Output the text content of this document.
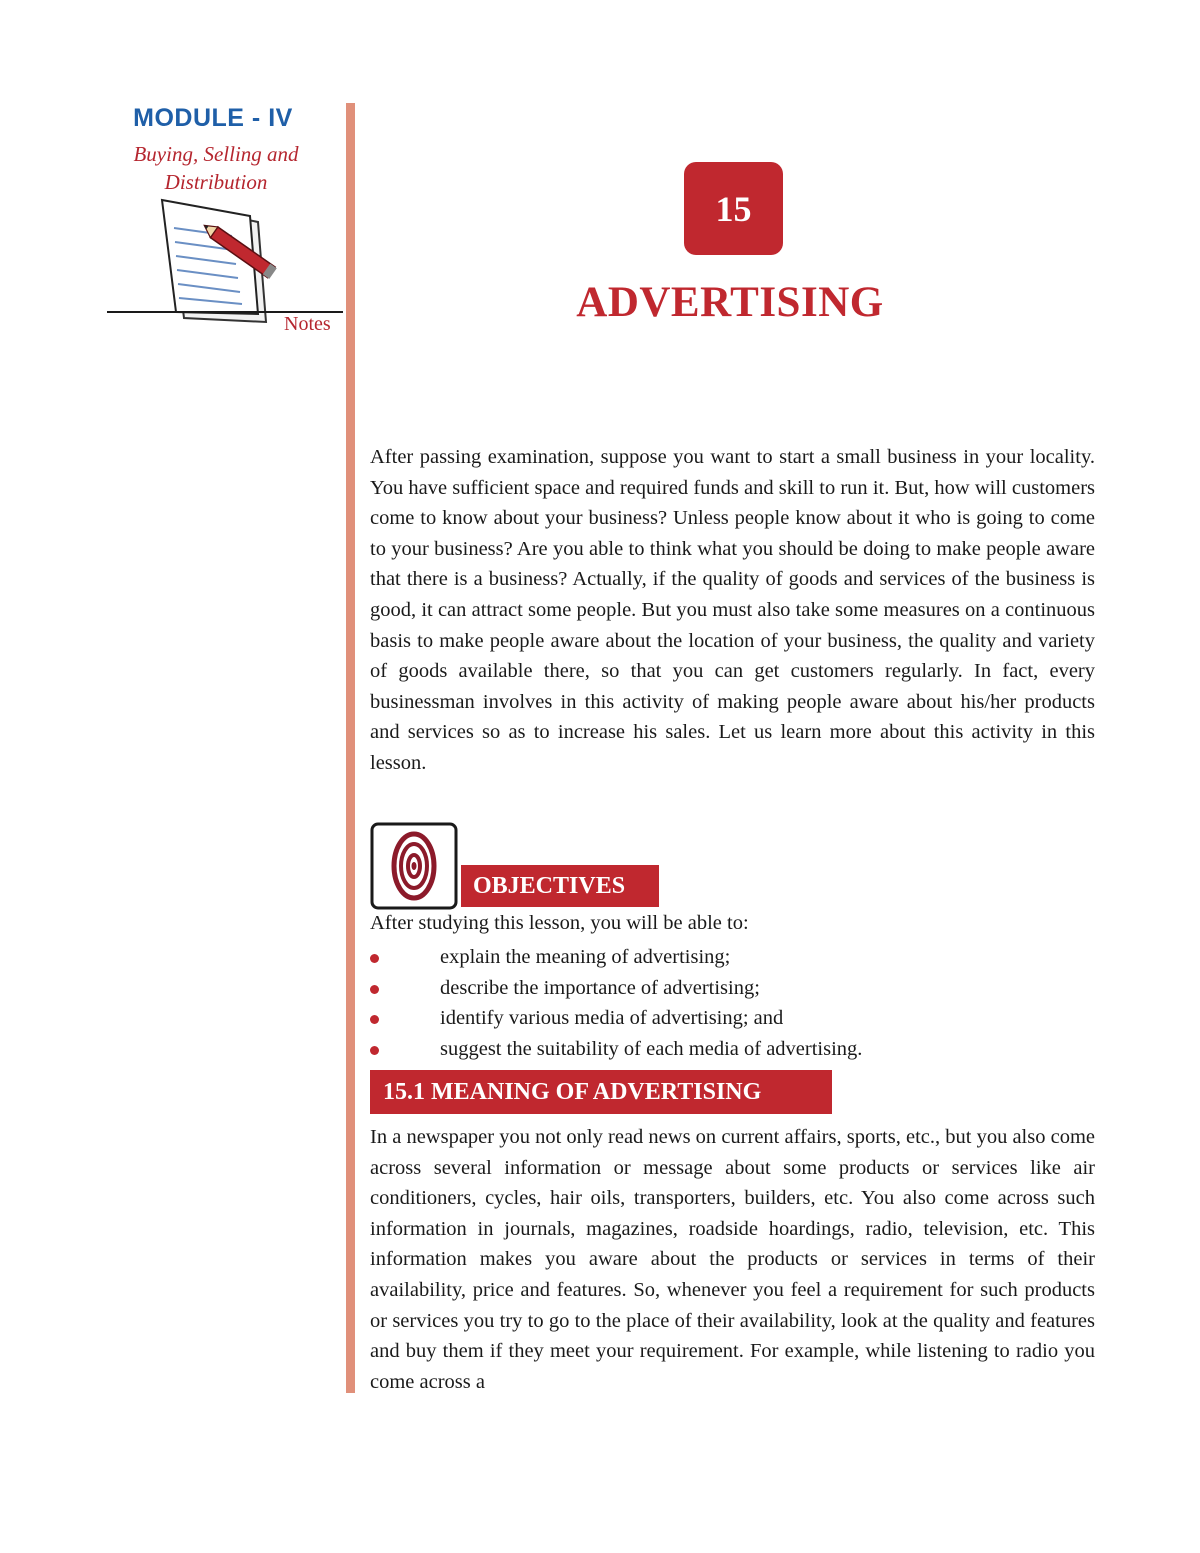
MODULE - IV
Buying, Selling and
Distribution
Notes
15
ADVERTISING

After passing examination, suppose you want to start a small business in your locality. You have sufficient space and required funds and skill to run it. But, how will customers come to know about your business? Unless people know about it who is going to come to your business? Are you able to think what you should be doing to make people aware that there is a business? Actually, if the quality of goods and services of the business is good, it can attract some people. But you must also take some measures on a continuous basis to make people aware about the location of your business, the quality and variety of goods available there, so that you can get customers regularly. In fact, every businessman involves in this activity of making people aware about his/her products and services so as to increase his sales. Let us learn more about this activity in this lesson.

OBJECTIVES
After studying this lesson, you will be able to:
explain the meaning of advertising;
describe the importance of advertising;
identify various media of advertising; and
suggest the suitability of each media of advertising.
15.1 MEANING OF ADVERTISING

In a newspaper you not only read news on current affairs, sports, etc., but you also come across several information or message about some products or services like air conditioners, cycles, hair oils, transporters, builders, etc. You also come across such information in journals, magazines, roadside hoardings, radio, television, etc. This information makes you aware about the products or services in terms of their availability, price and features. So, whenever you feel a requirement for such products or services you try to go to the place of their availability, look at the quality and features and buy them if they meet your requirement. For example, while listening to radio you come across a
